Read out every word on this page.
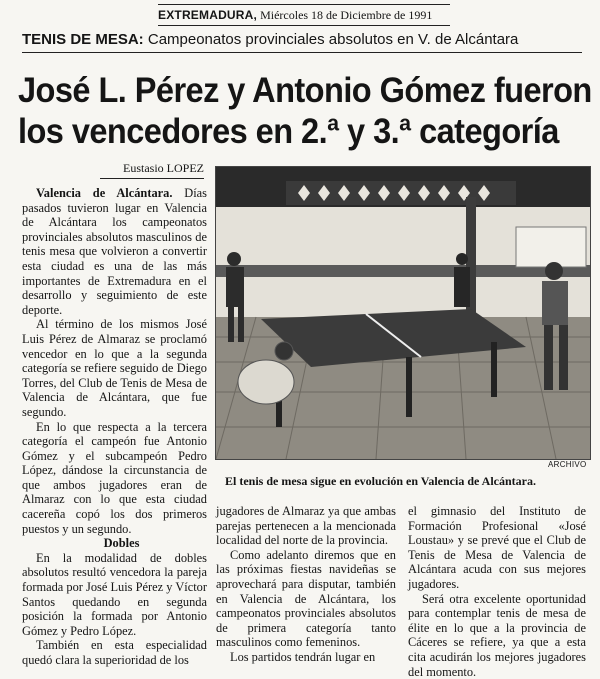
EXTREMADURA, Miércoles 18 de Diciembre de 1991
TENIS DE MESA: Campeonatos provinciales absolutos en V. de Alcántara
José L. Pérez y Antonio Gómez fueron
los vencedores en 2.ª y 3.ª categoría
Eustasio LOPEZ

Valencia de Alcántara. Días pasados tuvieron lugar en Valencia de Alcántara los campeonatos provinciales absolutos masculinos de tenis mesa que volvieron a convertir esta ciudad es una de las más importantes de Extremadura en el desarrollo y seguimiento de este deporte.

Al término de los mismos José Luis Pérez de Almaraz se proclamó vencedor en lo que a la segunda categoría se refiere seguido de Diego Torres, del Club de Tenis de Mesa de Valencia de Alcántara, que fue segundo.

En lo que respecta a la tercera categoría el campeón fue Antonio Gómez y el subcampeón Pedro López, dándose la circunstancia de que ambos jugadores eran de Almaraz con lo que esta ciudad cacereña copó los dos primeros puestos y un segundo.

Dobles

En la modalidad de dobles absolutos resultó vencedora la pareja formada por José Luis Pérez y Víctor Santos quedando en segunda posición la formada por Antonio Gómez y Pedro López.

También en esta especialidad quedó clara la superioridad de los

ARCHIVO
El tenis de mesa sigue en evolución en Valencia de Alcántara.

jugadores de Almaraz ya que ambas parejas pertenecen a la mencionada localidad del norte de la provincia.

Como adelanto diremos que en las próximas fiestas navideñas se aprovechará para disputar, también en Valencia de Alcántara, los campeonatos provinciales absolutos de primera categoría tanto masculinos como femeninos.

Los partidos tendrán lugar en

el gimnasio del Instituto de Formación Profesional «José Loustau» y se prevé que el Club de Tenis de Mesa de Valencia de Alcántara acuda con sus mejores jugadores.

Será otra excelente oportunidad para contemplar tenis de mesa de élite en lo que a la provincia de Cáceres se refiere, ya que a esta cita acudirán los mejores jugadores del momento.
